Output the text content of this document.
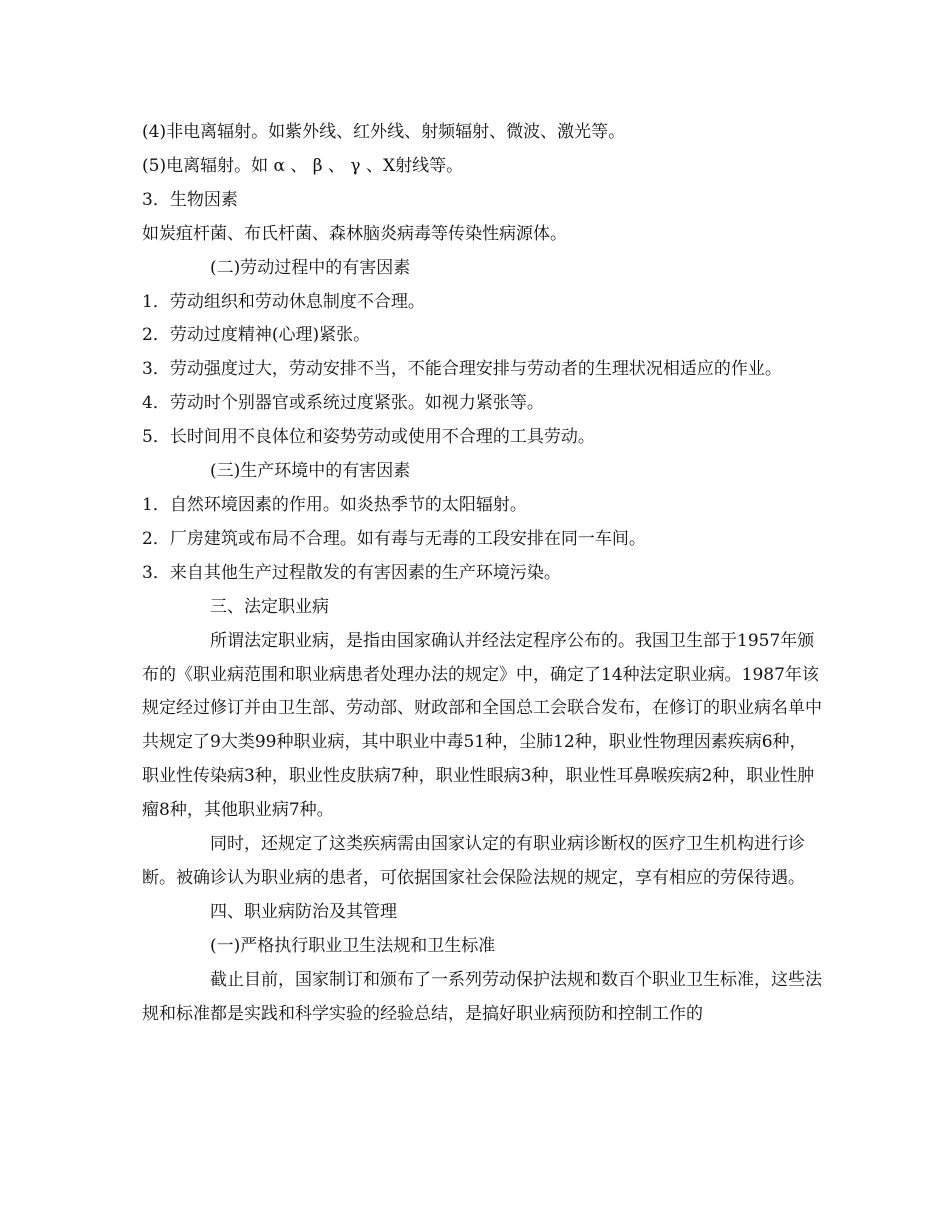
(4)非电离辐射。如紫外线、红外线、射频辐射、微波、激光等。

(5)电离辐射。如 α 、 β 、 γ 、X射线等。

3．生物因素

如炭疽杆菌、布氏杆菌、森林脑炎病毒等传染性病源体。

(二)劳动过程中的有害因素

1．劳动组织和劳动休息制度不合理。

2．劳动过度精神(心理)紧张。

3．劳动强度过大，劳动安排不当，不能合理安排与劳动者的生理状况相适应的作业。

4．劳动时个别器官或系统过度紧张。如视力紧张等。

5．长时间用不良体位和姿势劳动或使用不合理的工具劳动。

(三)生产环境中的有害因素

1．自然环境因素的作用。如炎热季节的太阳辐射。

2．厂房建筑或布局不合理。如有毒与无毒的工段安排在同一车间。

3．来自其他生产过程散发的有害因素的生产环境污染。

三、法定职业病

所谓法定职业病，是指由国家确认并经法定程序公布的。我国卫生部于1957年颁布的《职业病范围和职业病患者处理办法的规定》中，确定了14种法定职业病。1987年该规定经过修订并由卫生部、劳动部、财政部和全国总工会联合发布，在修订的职业病名单中共规定了9大类99种职业病，其中职业中毒51种，尘肺12种，职业性物理因素疾病6种，职业性传染病3种，职业性皮肤病7种，职业性眼病3种，职业性耳鼻喉疾病2种，职业性肿瘤8种，其他职业病7种。

同时，还规定了这类疾病需由国家认定的有职业病诊断权的医疗卫生机构进行诊断。被确诊认为职业病的患者，可依据国家社会保险法规的规定，享有相应的劳保待遇。

四、职业病防治及其管理

(一)严格执行职业卫生法规和卫生标准

截止目前，国家制订和颁布了一系列劳动保护法规和数百个职业卫生标准，这些法规和标准都是实践和科学实验的经验总结，是搞好职业病预防和控制工作的
